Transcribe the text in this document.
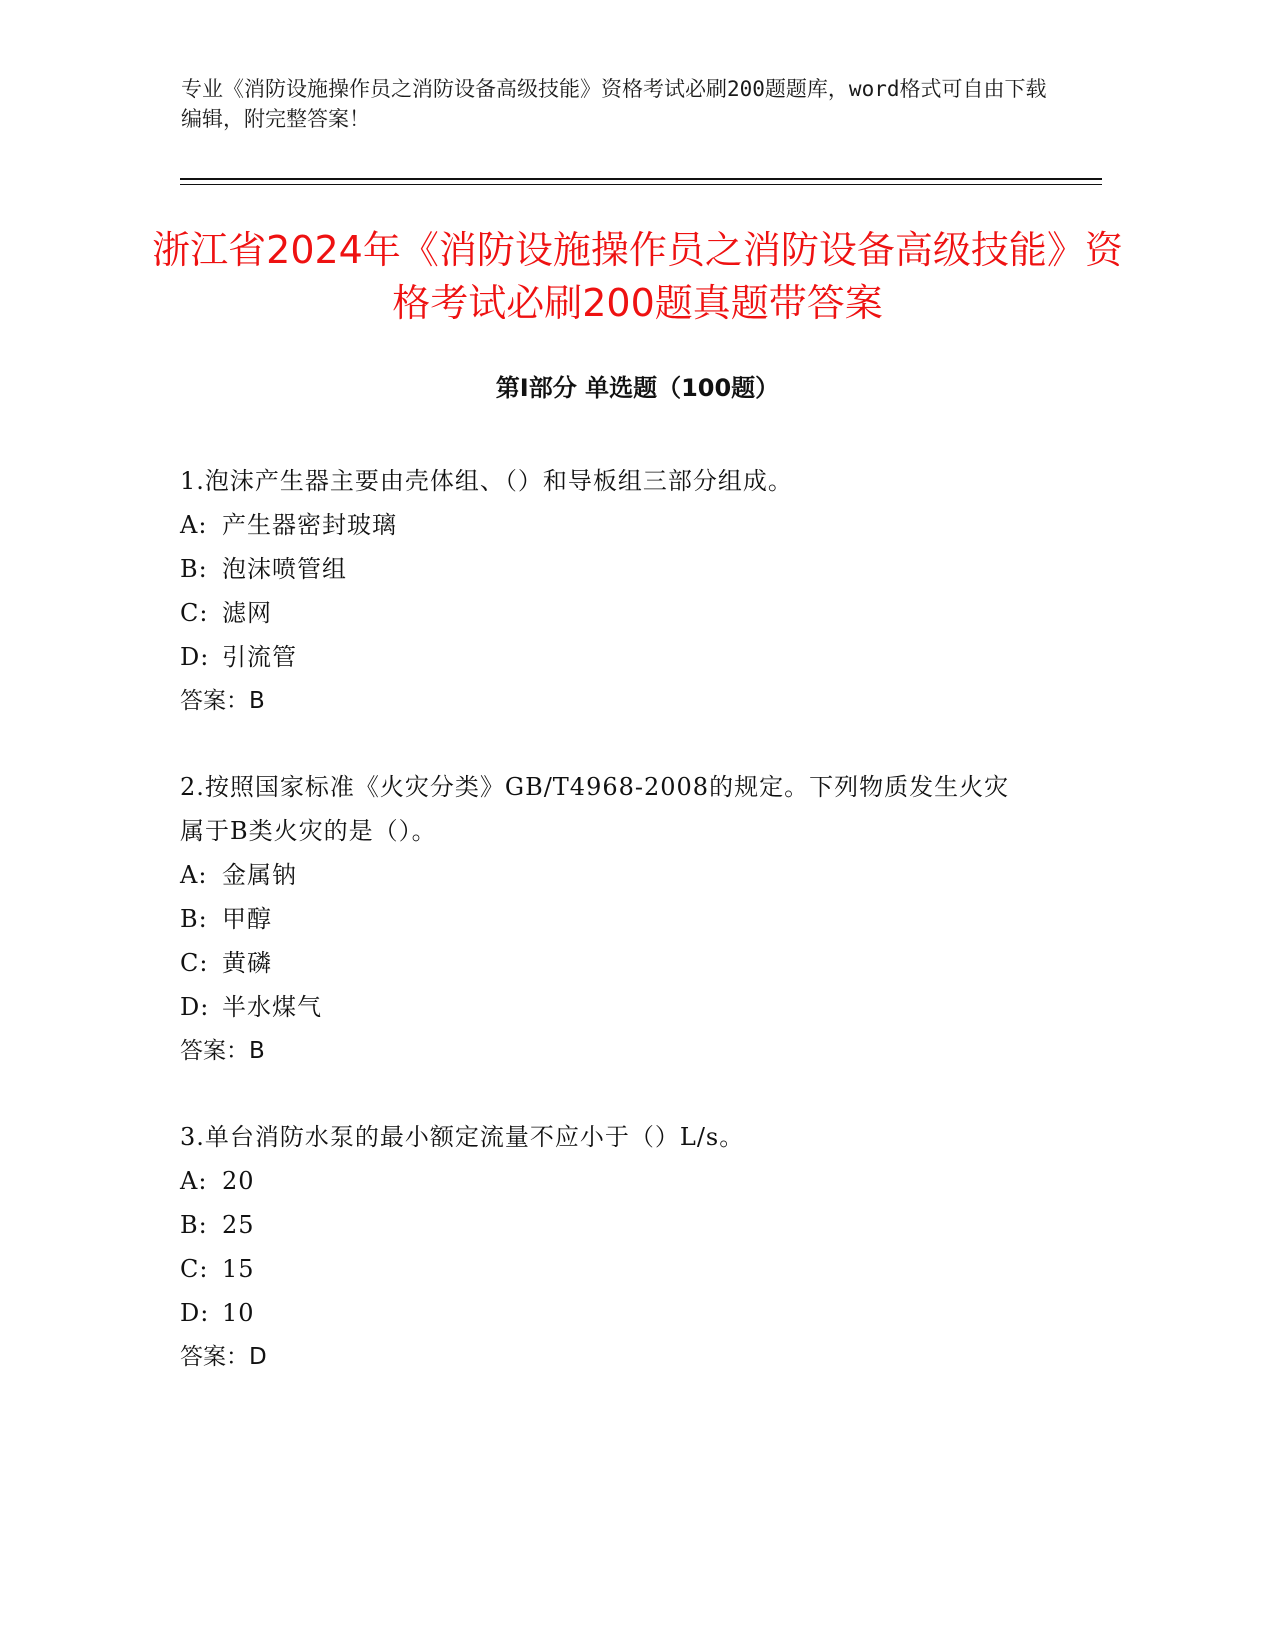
专业《消防设施操作员之消防设备高级技能》资格考试必刷200题题库，word格式可自由下载编辑，附完整答案！

浙江省2024年《消防设施操作员之消防设备高级技能》资格考试必刷200题真题带答案
第Ⅰ部分 单选题（100题）

1.泡沫产生器主要由壳体组、（）和导板组三部分组成。

A: 产生器密封玻璃

B: 泡沫喷管组

C: 滤网

D: 引流管

答案：B

2.按照国家标准《火灾分类》GB/T4968-2008的规定。下列物质发生火灾属于B类火灾的是（）。

A: 金属钠

B: 甲醇

C: 黄磷

D: 半水煤气

答案：B

3.单台消防水泵的最小额定流量不应小于（）L/s。

A: 20

B: 25

C: 15

D: 10

答案：D
